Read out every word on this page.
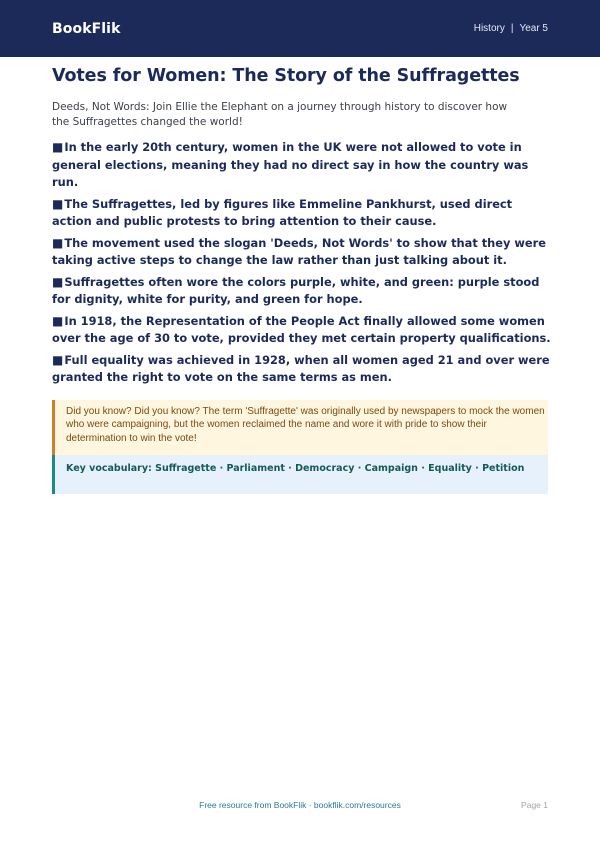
BookFlik	History | Year 5
Votes for Women: The Story of the Suffragettes

Deeds, Not Words: Join Ellie the Elephant on a journey through history to discover how the Suffragettes changed the world!

■In the early 20th century, women in the UK were not allowed to vote in general elections, meaning they had no direct say in how the country was run.
■The Suffragettes, led by figures like Emmeline Pankhurst, used direct action and public protests to bring attention to their cause.
■The movement used the slogan 'Deeds, Not Words' to show that they were taking active steps to change the law rather than just talking about it.
■Suffragettes often wore the colors purple, white, and green: purple stood for dignity, white for purity, and green for hope.
■In 1918, the Representation of the People Act finally allowed some women over the age of 30 to vote, provided they met certain property qualifications.
■Full equality was achieved in 1928, when all women aged 21 and over were granted the right to vote on the same terms as men.
Did you know? Did you know? The term 'Suffragette' was originally used by newspapers to mock the women who were campaigning, but the women reclaimed the name and wore it with pride to show their determination to win the vote!
Key vocabulary: Suffragette · Parliament · Democracy · Campaign · Equality · Petition
Free resource from BookFlik · bookflik.com/resources	Page 1
